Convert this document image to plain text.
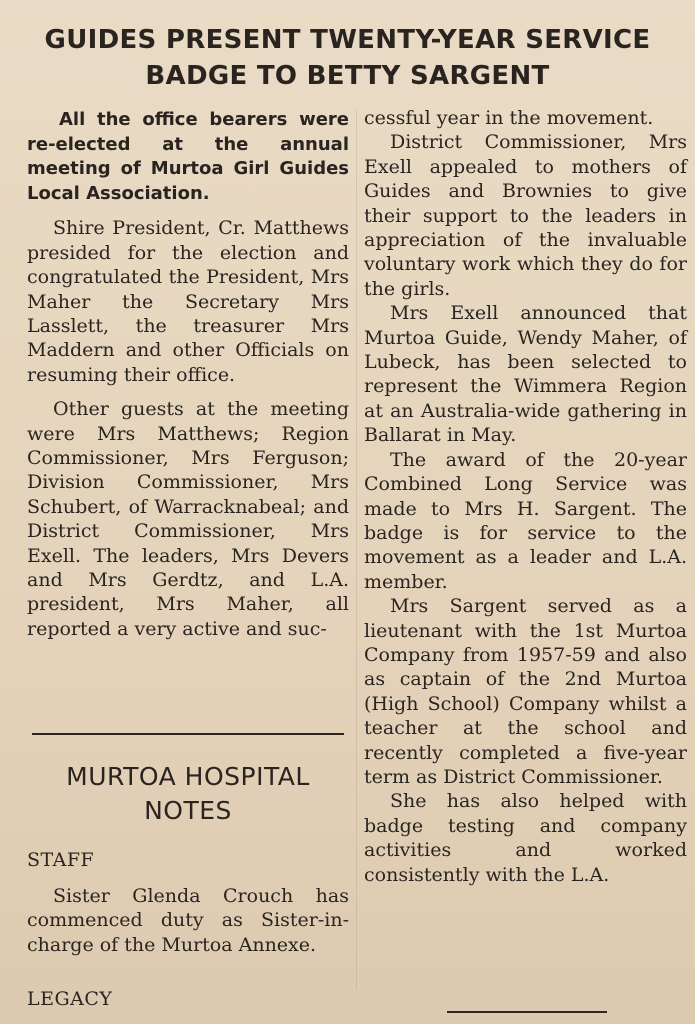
GUIDES PRESENT TWENTY-YEAR SERVICE
BADGE TO BETTY SARGENT

All the office bearers were re-elected at the annual meeting of Murtoa Girl Guides Local Association.

Shire President, Cr. Matthews presided for the election and congratulated the President, Mrs Maher the Secretary Mrs Lasslett, the treasurer Mrs Maddern and other Officials on resuming their office.

Other guests at the meeting were Mrs Matthews; Region Commissioner, Mrs Ferguson; Division Commissioner, Mrs Schubert, of Warracknabeal; and District Commissioner, Mrs Exell. The leaders, Mrs Devers and Mrs Gerdtz, and L.A. president, Mrs Maher, all reported a very active and suc-

cessful year in the movement.

District Commissioner, Mrs Exell appealed to mothers of Guides and Brownies to give their support to the leaders in appreciation of the invaluable voluntary work which they do for the girls.

Mrs Exell announced that Murtoa Guide, Wendy Maher, of Lubeck, has been selected to represent the Wimmera Region at an Australia-wide gathering in Ballarat in May.

The award of the 20-year Combined Long Service was made to Mrs H. Sargent. The badge is for service to the movement as a leader and L.A. member.

Mrs Sargent served as a lieutenant with the 1st Murtoa Company from 1957-59 and also as captain of the 2nd Murtoa (High School) Company whilst a teacher at the school and recently completed a five-year term as District Commissioner.

She has also helped with badge testing and company activities and worked consistently with the L.A.

MURTOA HOSPITAL
NOTES
STAFF

Sister Glenda Crouch has commenced duty as Sister-in-charge of the Murtoa Annexe.

LEGACY
